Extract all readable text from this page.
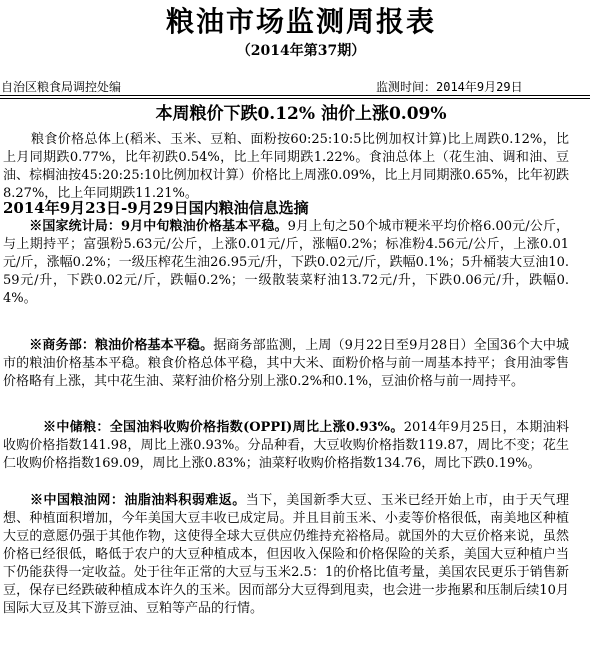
粮油市场监测周报表
（2014年第37期）
自治区粮食局调控处编	监测时间：2014年9月29日
本周粮价下跌0.12% 油价上涨0.09%

粮食价格总体上(稻米、玉米、豆粕、面粉按60:25:10:5比例加权计算)比上周跌0.12%，比上月同期跌0.77%，比年初跌0.54%，比上年同期跌1.22%。食油总体上（花生油、调和油、豆油、棕榈油按45:20:25:10比例加权计算）价格比上周涨0.09%，比上月同期涨0.65%，比年初跌8.27%，比上年同期跌11.21%。

2014年9月23日-9月29日国内粮油信息选摘

　　※国家统计局：9月中旬粮油价格基本平稳。9月上旬之50个城市粳米平均价格6.00元/公斤，与上期持平；富强粉5.63元/公斤，上涨0.01元/斤，涨幅0.2%；标准粉4.56元/公斤，上涨0.01元/斤，涨幅0.2%；一级压榨花生油26.95元/升，下跌0.02元/斤，跌幅0.1%；5升桶装大豆油10.59元/升，下跌0.02元/斤，跌幅0.2%；一级散装菜籽油13.72元/升，下跌0.06元/升，跌幅0.4%。

　　※商务部：粮油价格基本平稳。据商务部监测，上周（9月22日至9月28日）全国36个大中城市的粮油价格基本平稳。粮食价格总体平稳，其中大米、面粉价格与前一周基本持平；食用油零售价格略有上涨，其中花生油、菜籽油价格分别上涨0.2%和0.1%，豆油价格与前一周持平。

　　　※中储粮：全国油料收购价格指数(OPPI)周比上涨0.93%。2014年9月25日，本期油料收购价格指数141.98，周比上涨0.93%。分品种看，大豆收购价格指数119.87，周比不变；花生仁收购价格指数169.09，周比上涨0.83%；油菜籽收购价格指数134.76，周比下跌0.19%。

　　※中国粮油网：油脂油料积弱难返。当下，美国新季大豆、玉米已经开始上市，由于天气理想、种植面积增加，今年美国大豆丰收已成定局。并且目前玉米、小麦等价格很低，南美地区种植大豆的意愿仍强于其他作物，这使得全球大豆供应仍维持充裕格局。就国外的大豆价格来说，虽然价格已经很低，略低于农户的大豆种植成本，但因收入保险和价格保险的关系，美国大豆种植户当下仍能获得一定收益。处于往年正常的大豆与玉米2.5：1的价格比值考量，美国农民更乐于销售新豆，保存已经跌破种植成本许久的玉米。因而部分大豆得到甩卖，也会进一步拖累和压制后续10月国际大豆及其下游豆油、豆粕等产品的行情。
